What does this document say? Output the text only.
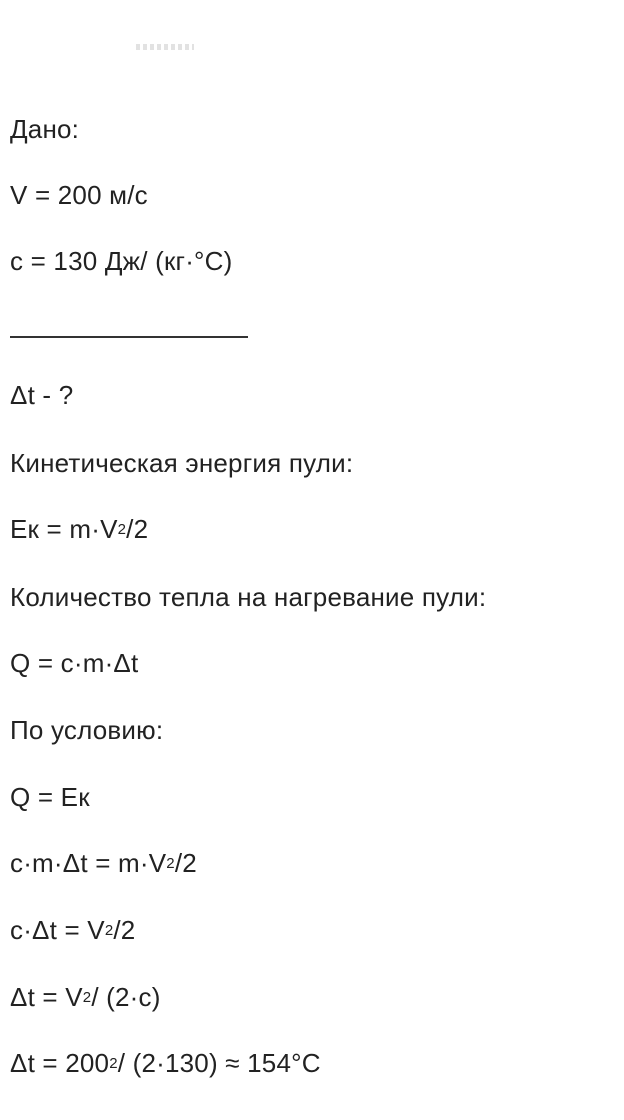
Дано:

V = 200 м/с

c = 130 Дж/ (кг·°С)

Δt - ?

Кинетическая энергия пули:

Eк = $m\cdot V^2/2$

Количество тепла на нагревание пули:

Q = c·m·Δt

По условию:

Q = Eк

$c\cdot m\cdot\Delta t = m\cdot V^2/2$

$c\cdot\Delta t = V^2/2$

$\Delta t = V^2/$ (2·c)

$\Delta t = 200^2/$ (2·130) ≈ 154°С
